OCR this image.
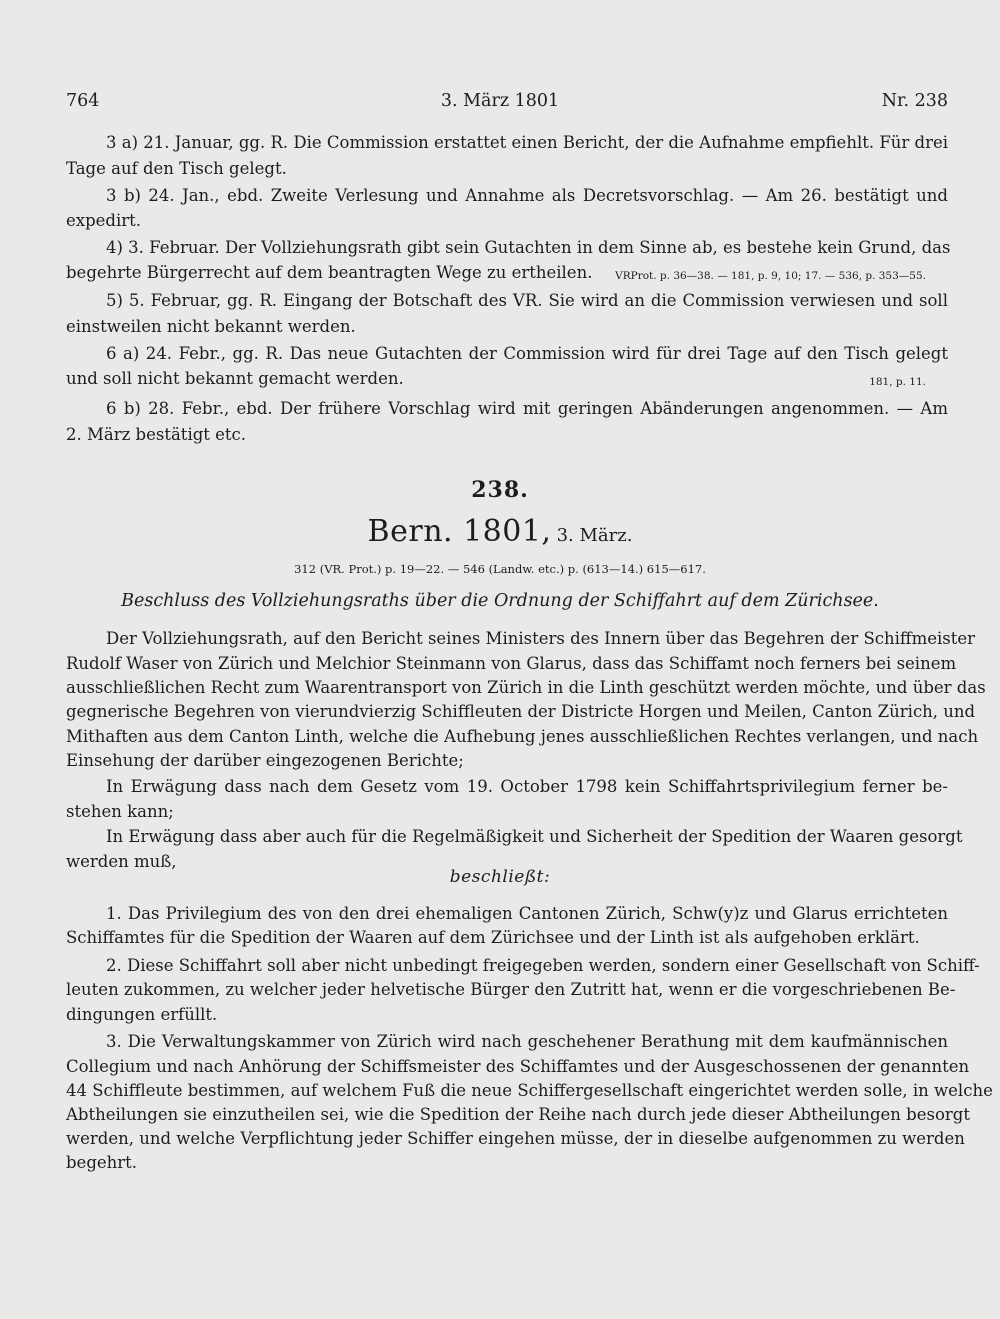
764	3. März 1801	Nr. 238

3 a) 21. Januar, gg. R. Die Commission erstattet einen Bericht, der die Aufnahme empfiehlt. Für drei

Tage auf den Tisch gelegt.

3 b) 24. Jan., ebd. Zweite Verlesung und Annahme als Decretsvorschlag. — Am 26. bestätigt und

expedirt.

4) 3. Februar. Der Vollziehungsrath gibt sein Gutachten in dem Sinne ab, es bestehe kein Grund, das

begehrte Bürgerrecht auf dem beantragten Wege zu ertheilen. VRProt. p. 36—38. — 181, p. 9, 10; 17. — 536, p. 353—55.

5) 5. Februar, gg. R. Eingang der Botschaft des VR. Sie wird an die Commission verwiesen und soll

einstweilen nicht bekannt werden.

6 a) 24. Febr., gg. R. Das neue Gutachten der Commission wird für drei Tage auf den Tisch gelegt

und soll nicht bekannt gemacht werden.	181, p. 11.

6 b) 28. Febr., ebd. Der frühere Vorschlag wird mit geringen Abänderungen angenommen. — Am

2. März bestätigt etc.

238.
Bern. 1801, 3. März.
312 (VR. Prot.) p. 19—22. — 546 (Landw. etc.) p. (613—14.) 615—617.
Beschluss des Vollziehungsraths über die Ordnung der Schiffahrt auf dem Zürichsee.

Der Vollziehungsrath, auf den Bericht seines Ministers des Innern über das Begehren der Schiffmeister

Rudolf Waser von Zürich und Melchior Steinmann von Glarus, dass das Schiffamt noch ferners bei seinem

ausschließlichen Recht zum Waarentransport von Zürich in die Linth geschützt werden möchte, und über das

gegnerische Begehren von vierundvierzig Schiffleuten der Districte Horgen und Meilen, Canton Zürich, und

Mithaften aus dem Canton Linth, welche die Aufhebung jenes ausschließlichen Rechtes verlangen, und nach

Einsehung der darüber eingezogenen Berichte;

In Erwägung dass nach dem Gesetz vom 19. October 1798 kein Schiffahrtsprivilegium ferner be-

stehen kann;

In Erwägung dass aber auch für die Regelmäßigkeit und Sicherheit der Spedition der Waaren gesorgt

werden muß,

beschließt:

1. Das Privilegium des von den drei ehemaligen Cantonen Zürich, Schw(y)z und Glarus errichteten

Schiffamtes für die Spedition der Waaren auf dem Zürichsee und der Linth ist als aufgehoben erklärt.

2. Diese Schiffahrt soll aber nicht unbedingt freigegeben werden, sondern einer Gesellschaft von Schiff-

leuten zukommen, zu welcher jeder helvetische Bürger den Zutritt hat, wenn er die vorgeschriebenen Be-

dingungen erfüllt.

3. Die Verwaltungskammer von Zürich wird nach geschehener Berathung mit dem kaufmännischen

Collegium und nach Anhörung der Schiffsmeister des Schiffamtes und der Ausgeschossenen der genannten

44 Schiffleute bestimmen, auf welchem Fuß die neue Schiffergesellschaft eingerichtet werden solle, in welche

Abtheilungen sie einzutheilen sei, wie die Spedition der Reihe nach durch jede dieser Abtheilungen besorgt

werden, und welche Verpflichtung jeder Schiffer eingehen müsse, der in dieselbe aufgenommen zu werden

begehrt.
